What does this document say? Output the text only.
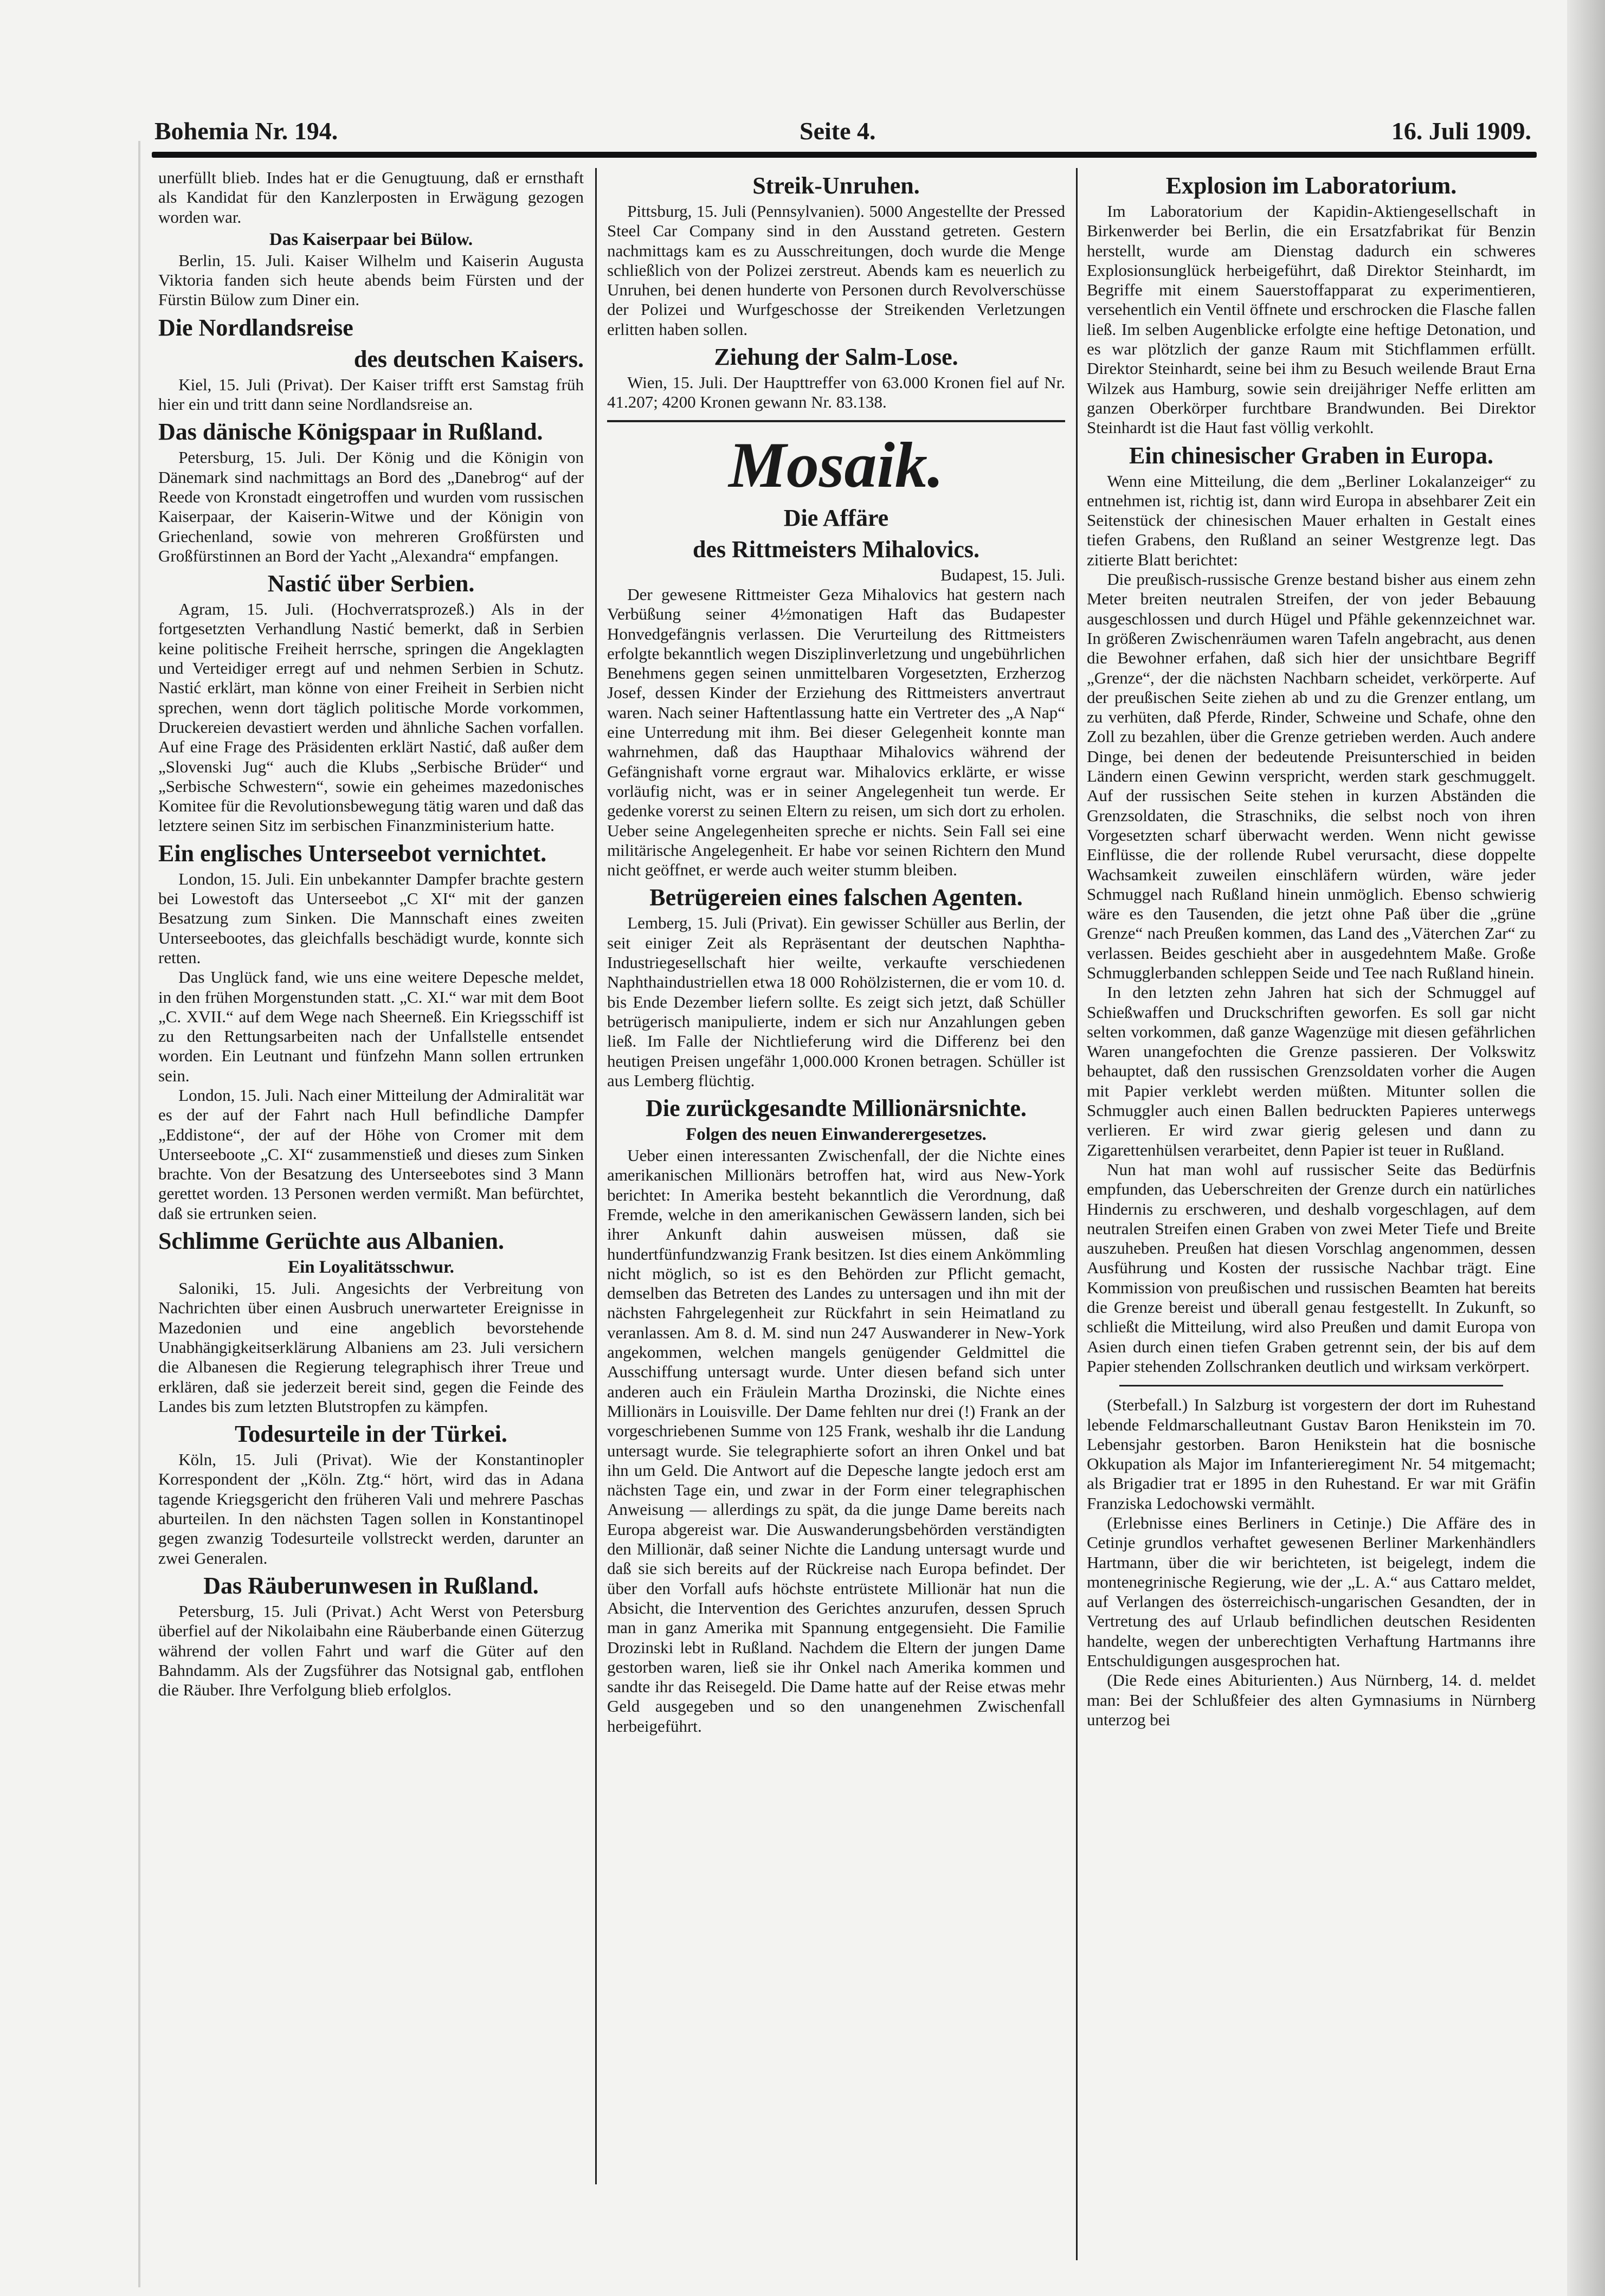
Bohemia Nr. 194.	Seite 4.	16. Juli 1909.

unerfüllt blieb. Indes hat er die Genugtuung, daß er ernsthaft als Kandidat für den Kanzlerposten in Erwägung gezogen worden war.

Das Kaiserpaar bei Bülow.

Berlin, 15. Juli. Kaiser Wilhelm und Kaiserin Augusta Viktoria fanden sich heute abends beim Fürsten und der Fürstin Bülow zum Diner ein.

Die Nordlandsreise
des deutschen Kaisers.

Kiel, 15. Juli (Privat). Der Kaiser trifft erst Samstag früh hier ein und tritt dann seine Nordlandsreise an.

Das dänische Königspaar in Rußland.

Petersburg, 15. Juli. Der König und die Königin von Dänemark sind nachmittags an Bord des „Danebrog“ auf der Reede von Kronstadt eingetroffen und wurden vom russischen Kaiserpaar, der Kaiserin-Witwe und der Königin von Griechenland, sowie von mehreren Großfürsten und Großfürstinnen an Bord der Yacht „Alexandra“ empfangen.

Nastić über Serbien.

Agram, 15. Juli. (Hochverratsprozeß.) Als in der fortgesetzten Verhandlung Nastić bemerkt, daß in Serbien keine politische Freiheit herrsche, springen die Angeklagten und Verteidiger erregt auf und nehmen Serbien in Schutz. Nastić erklärt, man könne von einer Freiheit in Serbien nicht sprechen, wenn dort täglich politische Morde vorkommen, Druckereien devastiert werden und ähnliche Sachen vorfallen. Auf eine Frage des Präsidenten erklärt Nastić, daß außer dem „Slovenski Jug“ auch die Klubs „Serbische Brüder“ und „Serbische Schwestern“, sowie ein geheimes mazedonisches Komitee für die Revolutionsbewegung tätig waren und daß das letztere seinen Sitz im serbischen Finanzministerium hatte.

Ein englisches Unterseebot vernichtet.

London, 15. Juli. Ein unbekannter Dampfer brachte gestern bei Lowestoft das Unterseebot „C XI“ mit der ganzen Besatzung zum Sinken. Die Mannschaft eines zweiten Unterseebootes, das gleichfalls beschädigt wurde, konnte sich retten.

Das Unglück fand, wie uns eine weitere Depesche meldet, in den frühen Morgenstunden statt. „C. XI.“ war mit dem Boot „C. XVII.“ auf dem Wege nach Sheerneß. Ein Kriegsschiff ist zu den Rettungsarbeiten nach der Unfallstelle entsendet worden. Ein Leutnant und fünfzehn Mann sollen ertrunken sein.

London, 15. Juli. Nach einer Mitteilung der Admiralität war es der auf der Fahrt nach Hull befindliche Dampfer „Eddistone“, der auf der Höhe von Cromer mit dem Unterseeboote „C. XI“ zusammenstieß und dieses zum Sinken brachte. Von der Besatzung des Unterseebotes sind 3 Mann gerettet worden. 13 Personen werden vermißt. Man befürchtet, daß sie ertrunken seien.

Schlimme Gerüchte aus Albanien.
Ein Loyalitätsschwur.

Saloniki, 15. Juli. Angesichts der Verbreitung von Nachrichten über einen Ausbruch unerwarteter Ereignisse in Mazedonien und eine angeblich bevorstehende Unabhängigkeitserklärung Albaniens am 23. Juli versichern die Albanesen die Regierung telegraphisch ihrer Treue und erklären, daß sie jederzeit bereit sind, gegen die Feinde des Landes bis zum letzten Blutstropfen zu kämpfen.

Todesurteile in der Türkei.

Köln, 15. Juli (Privat). Wie der Konstantinopler Korrespondent der „Köln. Ztg.“ hört, wird das in Adana tagende Kriegsgericht den früheren Vali und mehrere Paschas aburteilen. In den nächsten Tagen sollen in Konstantinopel gegen zwanzig Todesurteile vollstreckt werden, darunter an zwei Generalen.

Das Räuberunwesen in Rußland.

Petersburg, 15. Juli (Privat.) Acht Werst von Petersburg überfiel auf der Nikolaibahn eine Räuberbande einen Güterzug während der vollen Fahrt und warf die Güter auf den Bahndamm. Als der Zugsführer das Notsignal gab, entflohen die Räuber. Ihre Verfolgung blieb erfolglos.

Streik-Unruhen.

Pittsburg, 15. Juli (Pennsylvanien). 5000 Angestellte der Pressed Steel Car Company sind in den Ausstand getreten. Gestern nachmittags kam es zu Ausschreitungen, doch wurde die Menge schließlich von der Polizei zerstreut. Abends kam es neuerlich zu Unruhen, bei denen hunderte von Personen durch Revolverschüsse der Polizei und Wurfgeschosse der Streikenden Verletzungen erlitten haben sollen.

Ziehung der Salm-Lose.

Wien, 15. Juli. Der Haupttreffer von 63.000 Kronen fiel auf Nr. 41.207; 4200 Kronen gewann Nr. 83.138.

Mosaik.
Die Affäre
des Rittmeisters Mihalovics.

Budapest, 15. Juli.

Der gewesene Rittmeister Geza Mihalovics hat gestern nach Verbüßung seiner 4½monatigen Haft das Budapester Honvedgefängnis verlassen. Die Verurteilung des Rittmeisters erfolgte bekanntlich wegen Disziplinverletzung und ungebührlichen Benehmens gegen seinen unmittelbaren Vorgesetzten, Erzherzog Josef, dessen Kinder der Erziehung des Rittmeisters anvertraut waren. Nach seiner Haftentlassung hatte ein Vertreter des „A Nap“ eine Unterredung mit ihm. Bei dieser Gelegenheit konnte man wahrnehmen, daß das Haupthaar Mihalovics während der Gefängnishaft vorne ergraut war. Mihalovics erklärte, er wisse vorläufig nicht, was er in seiner Angelegenheit tun werde. Er gedenke vorerst zu seinen Eltern zu reisen, um sich dort zu erholen. Ueber seine Angelegenheiten spreche er nichts. Sein Fall sei eine militärische Angelegenheit. Er habe vor seinen Richtern den Mund nicht geöffnet, er werde auch weiter stumm bleiben.

Betrügereien eines falschen Agenten.

Lemberg, 15. Juli (Privat). Ein gewisser Schüller aus Berlin, der seit einiger Zeit als Repräsentant der deutschen Naphtha-Industriegesellschaft hier weilte, verkaufte verschiedenen Naphthaindustriellen etwa 18 000 Rohölzisternen, die er vom 10. d. bis Ende Dezember liefern sollte. Es zeigt sich jetzt, daß Schüller betrügerisch manipulierte, indem er sich nur Anzahlungen geben ließ. Im Falle der Nichtlieferung wird die Differenz bei den heutigen Preisen ungefähr 1,000.000 Kronen betragen. Schüller ist aus Lemberg flüchtig.

Die zurückgesandte Millionärsnichte.
Folgen des neuen Einwanderergesetzes.

Ueber einen interessanten Zwischenfall, der die Nichte eines amerikanischen Millionärs betroffen hat, wird aus New-York berichtet: In Amerika besteht bekanntlich die Verordnung, daß Fremde, welche in den amerikanischen Gewässern landen, sich bei ihrer Ankunft dahin ausweisen müssen, daß sie hundertfünfundzwanzig Frank besitzen. Ist dies einem Ankömmling nicht möglich, so ist es den Behörden zur Pflicht gemacht, demselben das Betreten des Landes zu untersagen und ihn mit der nächsten Fahrgelegenheit zur Rückfahrt in sein Heimatland zu veranlassen. Am 8. d. M. sind nun 247 Auswanderer in New-York angekommen, welchen mangels genügender Geldmittel die Ausschiffung untersagt wurde. Unter diesen befand sich unter anderen auch ein Fräulein Martha Drozinski, die Nichte eines Millionärs in Louisville. Der Dame fehlten nur drei (!) Frank an der vorgeschriebenen Summe von 125 Frank, weshalb ihr die Landung untersagt wurde. Sie telegraphierte sofort an ihren Onkel und bat ihn um Geld. Die Antwort auf die Depesche langte jedoch erst am nächsten Tage ein, und zwar in der Form einer telegraphischen Anweisung — allerdings zu spät, da die junge Dame bereits nach Europa abgereist war. Die Auswanderungsbehörden verständigten den Millionär, daß seiner Nichte die Landung untersagt wurde und daß sie sich bereits auf der Rückreise nach Europa befindet. Der über den Vorfall aufs höchste entrüstete Millionär hat nun die Absicht, die Intervention des Gerichtes anzurufen, dessen Spruch man in ganz Amerika mit Spannung entgegensieht. Die Familie Drozinski lebt in Rußland. Nachdem die Eltern der jungen Dame gestorben waren, ließ sie ihr Onkel nach Amerika kommen und sandte ihr das Reisegeld. Die Dame hatte auf der Reise etwas mehr Geld ausgegeben und so den unangenehmen Zwischenfall herbeigeführt.

Explosion im Laboratorium.

Im Laboratorium der Kapidin-Aktiengesellschaft in Birkenwerder bei Berlin, die ein Ersatzfabrikat für Benzin herstellt, wurde am Dienstag dadurch ein schweres Explosionsunglück herbeigeführt, daß Direktor Steinhardt, im Begriffe mit einem Sauerstoffapparat zu experimentieren, versehentlich ein Ventil öffnete und erschrocken die Flasche fallen ließ. Im selben Augenblicke erfolgte eine heftige Detonation, und es war plötzlich der ganze Raum mit Stichflammen erfüllt. Direktor Steinhardt, seine bei ihm zu Besuch weilende Braut Erna Wilzek aus Hamburg, sowie sein dreijähriger Neffe erlitten am ganzen Oberkörper furchtbare Brandwunden. Bei Direktor Steinhardt ist die Haut fast völlig verkohlt.

Ein chinesischer Graben in Europa.

Wenn eine Mitteilung, die dem „Berliner Lokalanzeiger“ zu entnehmen ist, richtig ist, dann wird Europa in absehbarer Zeit ein Seitenstück der chinesischen Mauer erhalten in Gestalt eines tiefen Grabens, den Rußland an seiner Westgrenze legt. Das zitierte Blatt berichtet:

Die preußisch-russische Grenze bestand bisher aus einem zehn Meter breiten neutralen Streifen, der von jeder Bebauung ausgeschlossen und durch Hügel und Pfähle gekennzeichnet war. In größeren Zwischenräumen waren Tafeln angebracht, aus denen die Bewohner erfahen, daß sich hier der unsichtbare Begriff „Grenze“, der die nächsten Nachbarn scheidet, verkörperte. Auf der preußischen Seite ziehen ab und zu die Grenzer entlang, um zu verhüten, daß Pferde, Rinder, Schweine und Schafe, ohne den Zoll zu bezahlen, über die Grenze getrieben werden. Auch andere Dinge, bei denen der bedeutende Preisunterschied in beiden Ländern einen Gewinn verspricht, werden stark geschmuggelt. Auf der russischen Seite stehen in kurzen Abständen die Grenzsoldaten, die Straschniks, die selbst noch von ihren Vorgesetzten scharf überwacht werden. Wenn nicht gewisse Einflüsse, die der rollende Rubel verursacht, diese doppelte Wachsamkeit zuweilen einschläfern würden, wäre jeder Schmuggel nach Rußland hinein unmöglich. Ebenso schwierig wäre es den Tausenden, die jetzt ohne Paß über die „grüne Grenze“ nach Preußen kommen, das Land des „Väterchen Zar“ zu verlassen. Beides geschieht aber in ausgedehntem Maße. Große Schmugglerbanden schleppen Seide und Tee nach Rußland hinein.

In den letzten zehn Jahren hat sich der Schmuggel auf Schießwaffen und Druckschriften geworfen. Es soll gar nicht selten vorkommen, daß ganze Wagenzüge mit diesen gefährlichen Waren unangefochten die Grenze passieren. Der Volkswitz behauptet, daß den russischen Grenzsoldaten vorher die Augen mit Papier verklebt werden müßten. Mitunter sollen die Schmuggler auch einen Ballen bedruckten Papieres unterwegs verlieren. Er wird zwar gierig gelesen und dann zu Zigarettenhülsen verarbeitet, denn Papier ist teuer in Rußland.

Nun hat man wohl auf russischer Seite das Bedürfnis empfunden, das Ueberschreiten der Grenze durch ein natürliches Hindernis zu erschweren, und deshalb vorgeschlagen, auf dem neutralen Streifen einen Graben von zwei Meter Tiefe und Breite auszuheben. Preußen hat diesen Vorschlag angenommen, dessen Ausführung und Kosten der russische Nachbar trägt. Eine Kommission von preußischen und russischen Beamten hat bereits die Grenze bereist und überall genau festgestellt. In Zukunft, so schließt die Mitteilung, wird also Preußen und damit Europa von Asien durch einen tiefen Graben getrennt sein, der bis auf dem Papier stehenden Zollschranken deutlich und wirksam verkörpert.

(Sterbefall.) In Salzburg ist vorgestern der dort im Ruhestand lebende Feldmarschalleutnant Gustav Baron Henikstein im 70. Lebensjahr gestorben. Baron Henikstein hat die bosnische Okkupation als Major im Infanterieregiment Nr. 54 mitgemacht; als Brigadier trat er 1895 in den Ruhestand. Er war mit Gräfin Franziska Ledochowski vermählt.

(Erlebnisse eines Berliners in Cetinje.) Die Affäre des in Cetinje grundlos verhaftet gewesenen Berliner Markenhändlers Hartmann, über die wir berichteten, ist beigelegt, indem die montenegrinische Regierung, wie der „L. A.“ aus Cattaro meldet, auf Verlangen des österreichisch-ungarischen Gesandten, der in Vertretung des auf Urlaub befindlichen deutschen Residenten handelte, wegen der unberechtigten Verhaftung Hartmanns ihre Entschuldigungen ausgesprochen hat.

(Die Rede eines Abiturienten.) Aus Nürnberg, 14. d. meldet man: Bei der Schlußfeier des alten Gymnasiums in Nürnberg unterzog bei
